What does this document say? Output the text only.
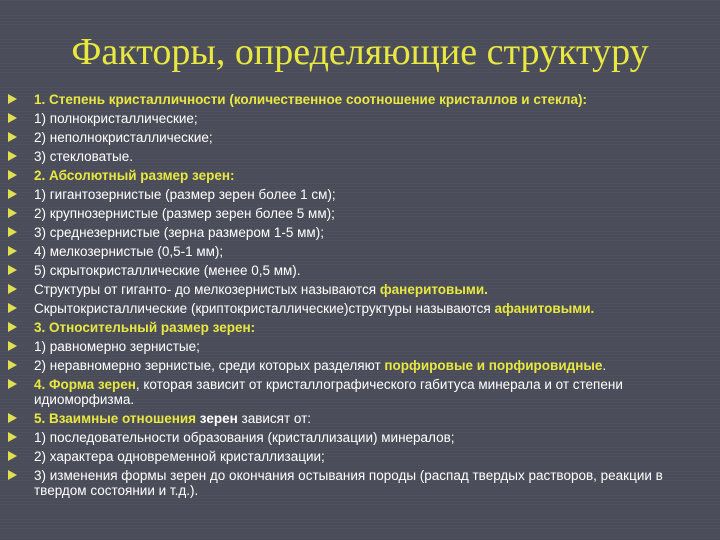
Факторы, определяющие структуру
1. Степень кристалличности (количественное соотношение кристаллов и стекла):
1) полнокристаллические;
2) неполнокристаллические;
3) стекловатые.
2. Абсолютный размер зерен:
1) гигантозернистые (размер зерен более 1 см);
2) крупнозернистые (размер зерен более 5 мм);
3) среднезернистые (зерна размером 1-5 мм);
4) мелкозернистые (0,5-1 мм);
5) скрытокристаллические (менее 0,5 мм).
Структуры от гиганто- до мелкозернистых называются фанеритовыми.
Скрытокристаллические (криптокристаллические)структуры называются афанитовыми.
3. Относительный размер зерен:
1) равномерно зернистые;
2) неравномерно зернистые, среди которых разделяют порфировые и порфировидные.
4. Форма зерен, которая зависит от кристаллографического габитуса минерала и от степени идиоморфизма.
5. Взаимные отношения зерен зависят от:
1) последовательности образования (кристаллизации) минералов;
2) характера одновременной кристаллизации;
3) изменения формы зерен до окончания остывания породы (распад твердых растворов, реакции в твердом состоянии и т.д.).
